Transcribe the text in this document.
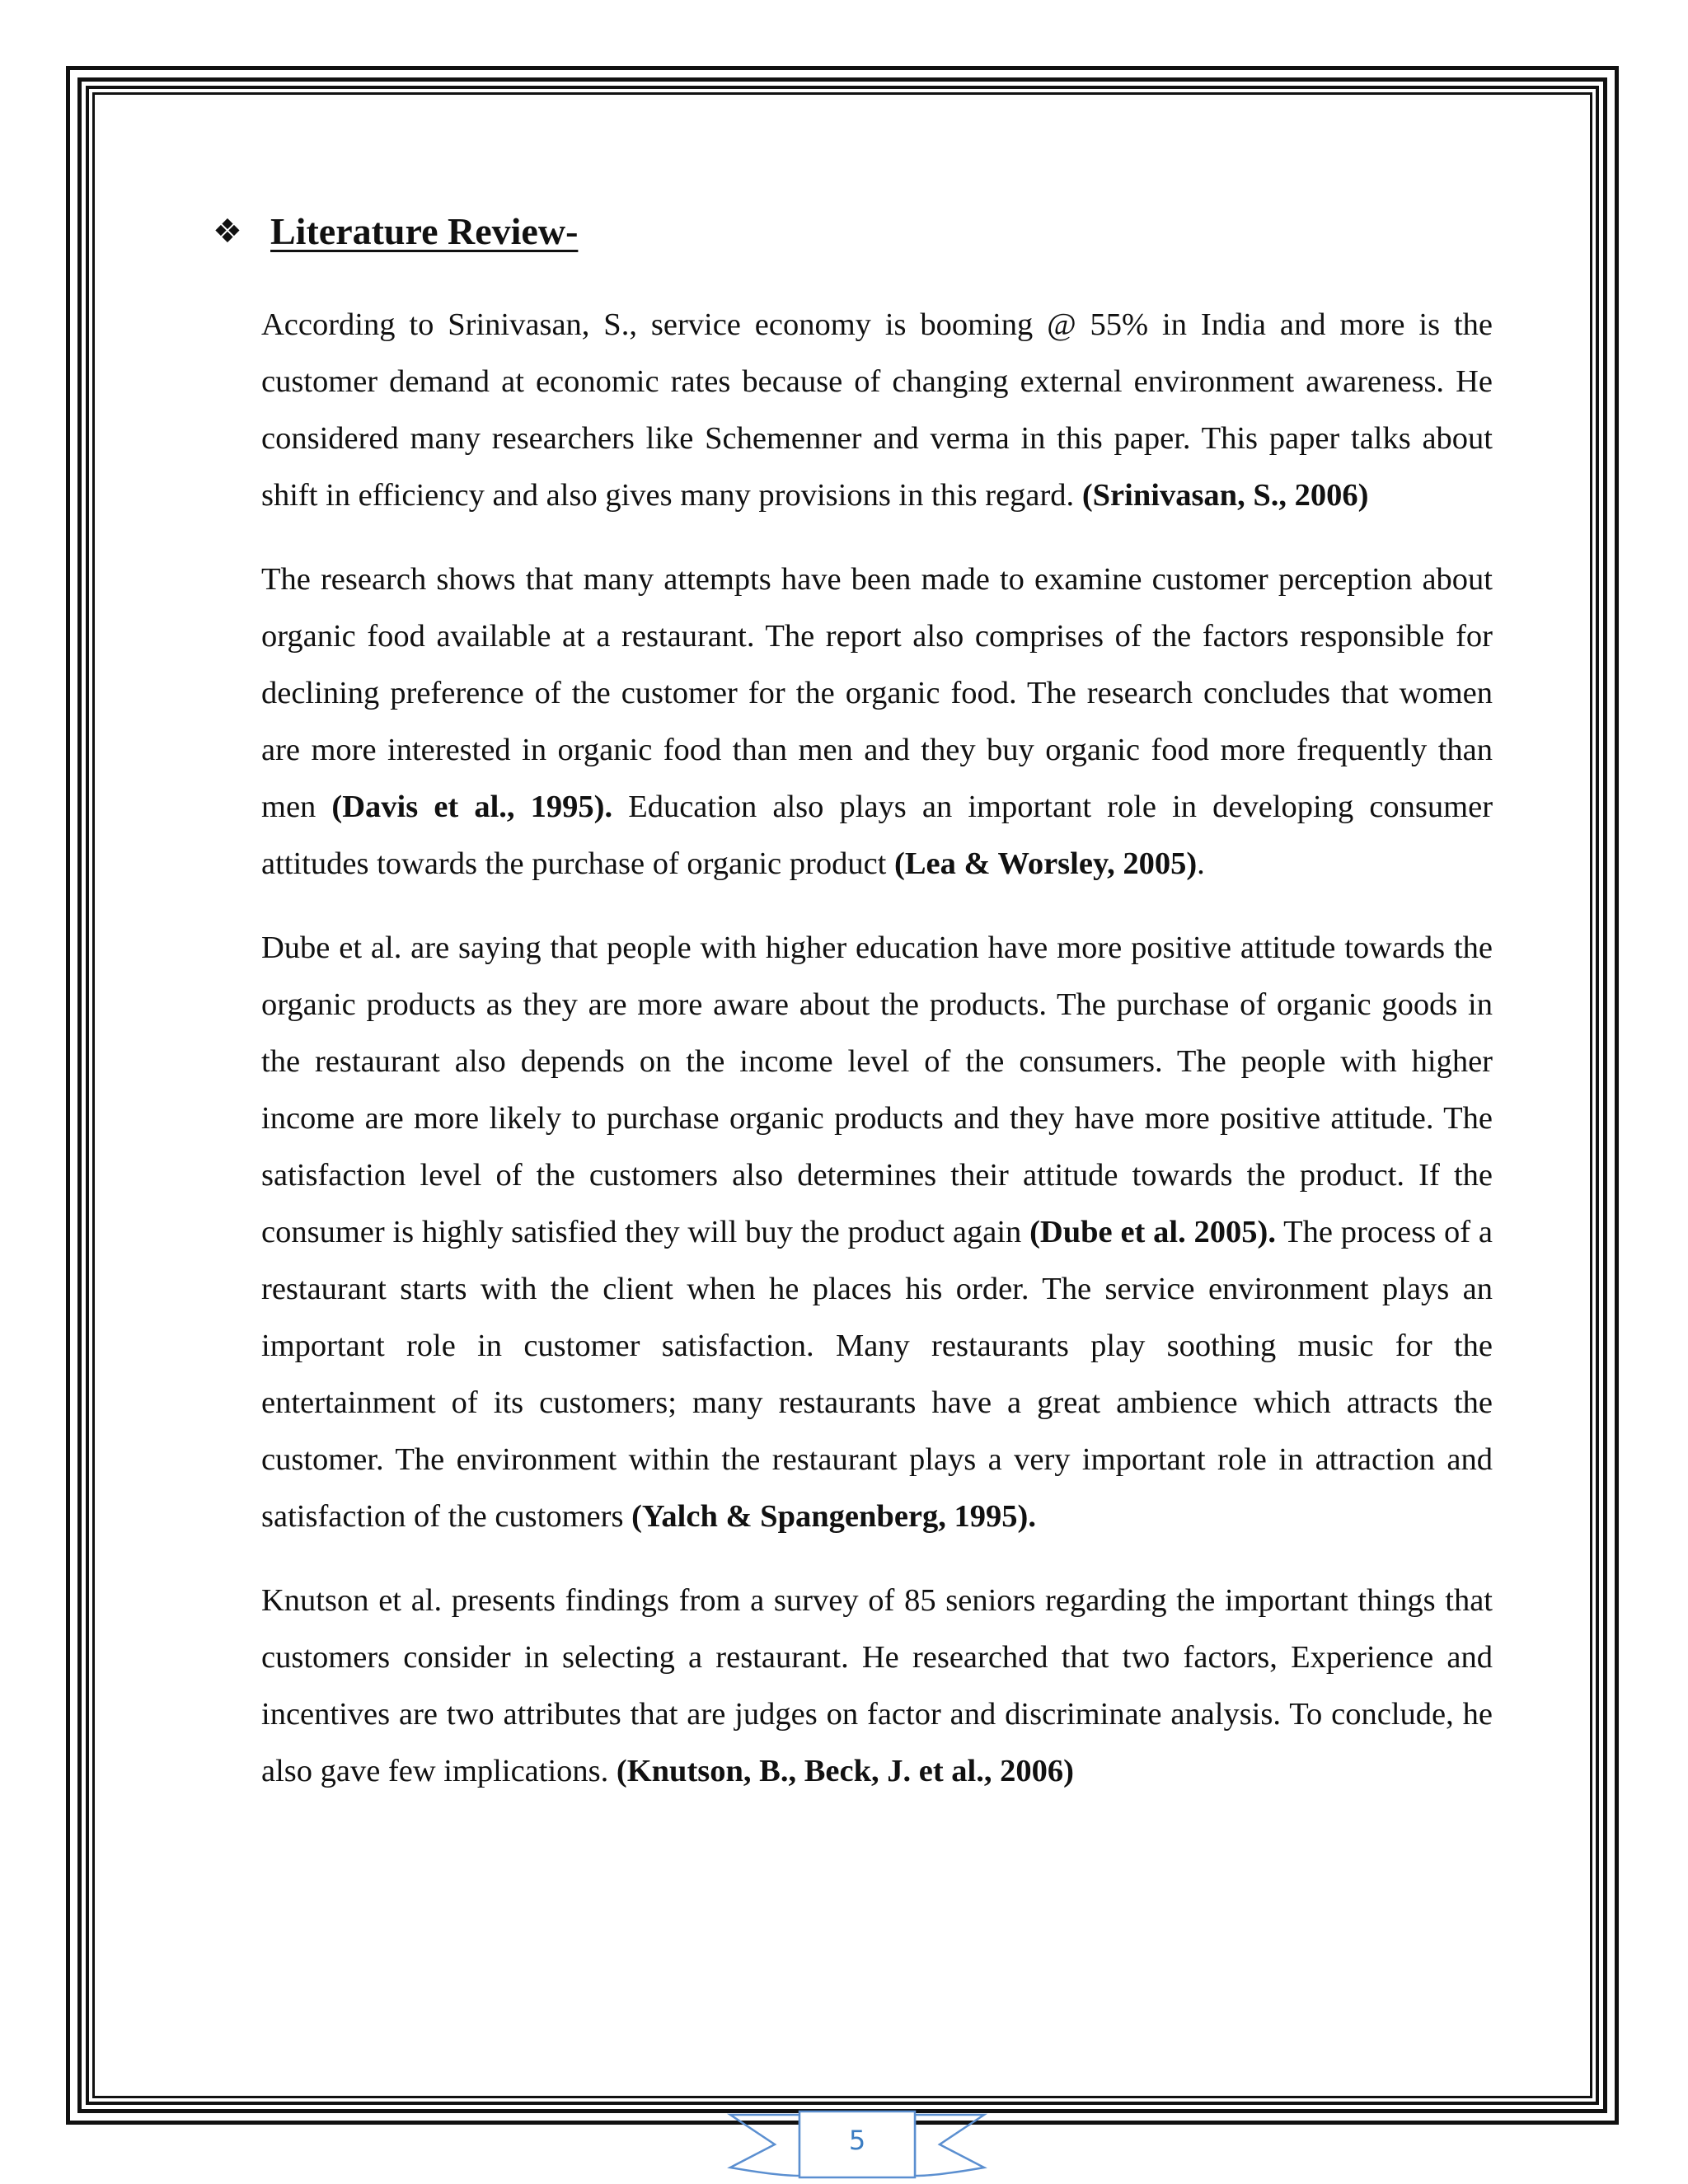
❖ Literature Review-

According to Srinivasan, S., service economy is booming @ 55% in India and more is the customer demand at economic rates because of changing external environment awareness. He considered many researchers like Schemenner and verma in this paper. This paper talks about shift in efficiency and also gives many provisions in this regard. (Srinivasan, S., 2006)

The research shows that many attempts have been made to examine customer perception about organic food available at a restaurant. The report also comprises of the factors responsible for declining preference of the customer for the organic food. The research concludes that women are more interested in organic food than men and they buy organic food more frequently than men (Davis et al., 1995). Education also plays an important role in developing consumer attitudes towards the purchase of organic product (Lea & Worsley, 2005).

Dube et al. are saying that people with higher education have more positive attitude towards the organic products as they are more aware about the products. The purchase of organic goods in the restaurant also depends on the income level of the consumers. The people with higher income are more likely to purchase organic products and they have more positive attitude. The satisfaction level of the customers also determines their attitude towards the product. If the consumer is highly satisfied they will buy the product again (Dube et al. 2005). The process of a restaurant starts with the client when he places his order. The service environment plays an important role in customer satisfaction. Many restaurants play soothing music for the entertainment of its customers; many restaurants have a great ambience which attracts the customer. The environment within the restaurant plays a very important role in attraction and satisfaction of the customers (Yalch & Spangenberg, 1995).

Knutson et al. presents findings from a survey of 85 seniors regarding the important things that customers consider in selecting a restaurant. He researched that two factors, Experience and incentives are two attributes that are judges on factor and discriminate analysis. To conclude, he also gave few implications. (Knutson, B., Beck, J. et al., 2006)

5
